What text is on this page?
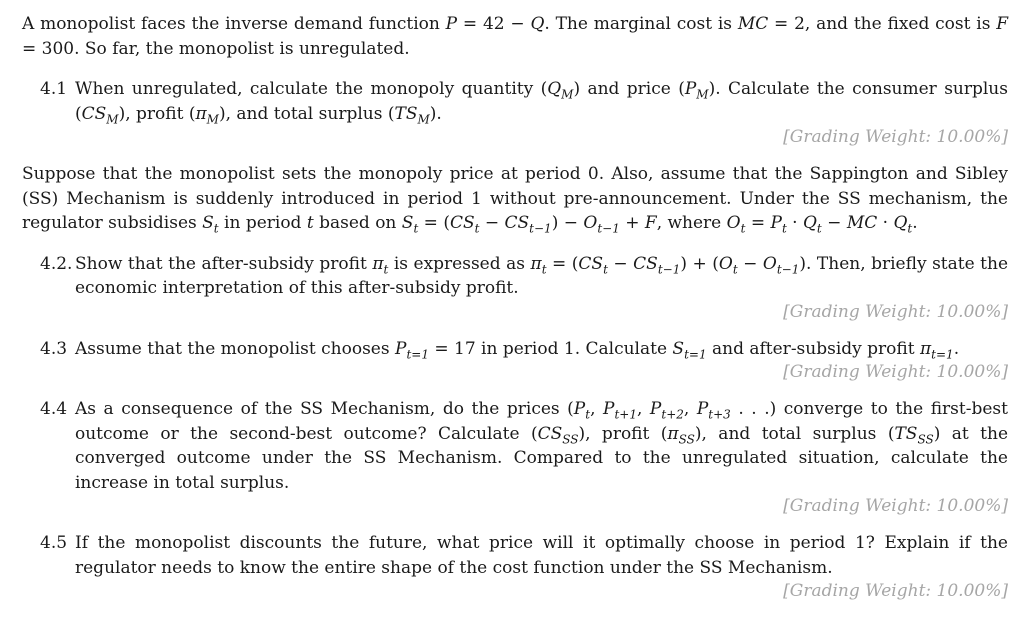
A monopolist faces the inverse demand function P = 42 − Q. The marginal cost is MC = 2, and the fixed cost is F = 300. So far, the monopolist is unregulated.

4.1 When unregulated, calculate the monopoly quantity $(Q_M)$ and price $(P_M)$. Calculate the consumer surplus $(CS_M)$, profit $(\pi_M)$, and total surplus $(TS_M)$.

[Grading Weight: 10.00%]

Suppose that the monopolist sets the monopoly price at period 0. Also, assume that the Sappington and Sibley (SS) Mechanism is suddenly introduced in period 1 without pre-announcement. Under the SS mechanism, the regulator subsidises $S_t$ in period t based on $S_t = (CS_t - CS_{t-1}) - O_{t-1} + F$, where $O_t = P_t \cdot Q_t$ − MC · $Q_t$.

4.2. Show that the after-subsidy profit $\pi_t$ is expressed as $\pi_t = (CS_t - CS_{t-1}) + (O_t - O_{t-1})$. Then, briefly state the economic interpretation of this after-subsidy profit.

[Grading Weight: 10.00%]

4.3 Assume that the monopolist chooses $P_{t=1} = 17$ in period 1. Calculate $S_{t=1}$ and after-subsidy profit $\pi_{t=1}$.

[Grading Weight: 10.00%]

4.4 As a consequence of the SS Mechanism, do the prices ($P_t$, $P_{t+1}$, $P_{t+2}$, $P_{t+3}$ . . .) converge to the first-best outcome or the second-best outcome? Calculate $(CS_{SS})$, profit $(\pi_{SS})$, and total surplus $(TS_{SS})$ at the converged outcome under the SS Mechanism. Compared to the unregulated situation, calculate the increase in total surplus.

[Grading Weight: 10.00%]

4.5 If the monopolist discounts the future, what price will it optimally choose in period 1? Explain if the regulator needs to know the entire shape of the cost function under the SS Mechanism.

[Grading Weight: 10.00%]
